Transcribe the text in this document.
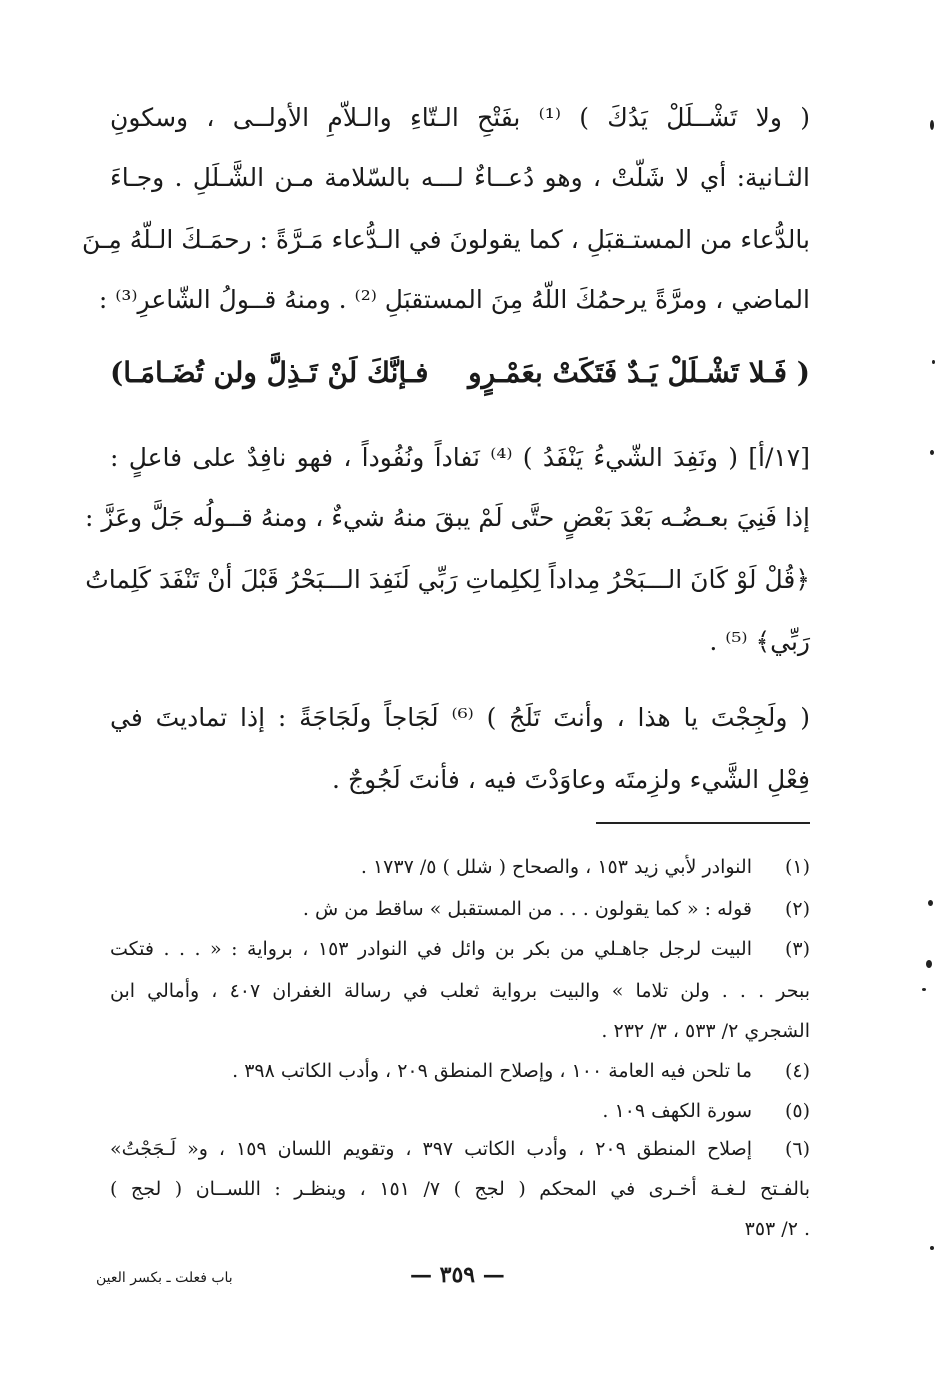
( ولا تَشْــلَلْ يَدُكَ ) ⁽¹⁾ بفَتْحِ الـتّاءِ والـلاّمِ الأولــى ، وسكونِ
الثـانية: أي لا شَلّتْ ، وهو دُعــاءٌ لـــه بالسّلامة مـن الشَّـلَلِ . وجـاءَ
بالدُّعاء من المستـقبَلِ ، كما يقولونَ في الـدُّعاء مَـرَّةً : رحمَـكَ الـلّهُ مِـنَ
الماضي ، ومرَّةً يرحمُكَ اللّهُ مِنَ المستقبَلِ ⁽²⁾ . ومنهُ قــولُ الشّاعرِ⁽³⁾ :
( فَـلا تَشْـلَلْ يَـدٌ فَتَكَتْ بعَمْـرٍو
فـإنَّكَ لَنْ تَـذِلَّ ولن تُضَـامَـا)
[١٧/أ] ( ونَفِدَ الشّيءُ يَنْفَدُ ) ⁽⁴⁾ نَفاداً ونُفُوداً ، فهو نافِدٌ على فاعلٍ :
إذا فَنِيَ بعـضُـه بَعْدَ بَعْضٍ حتَّى لَمْ يبقَ منهُ شيءٌ ، ومنهُ قــولُه جَلَّ وعَزَّ :
﴿قُلْ لَوْ كَانَ الـــبَحْرُ مِداداً لِكلِماتِ رَبِّي لَنَفِدَ الـــبَحْرُ قَبْلَ أنْ تَنْفَدَ كَلِماتُ
رَبِّي﴾ ⁽⁵⁾ .
( ولَجِجْتَ يا هذا ، وأنتَ تَلَجُ ) ⁽⁶⁾ لَجَاجاً ولَجَاجَةً : إذا تماديتَ في
فِعْلِ الشَّيء ولزِمتَه وعاوَدْتَ فيه ، فأنتَ لَجُوجٌ .
(١)
النوادر لأبي زيد ١٥٣ ، والصحاح ( شلل ) ٥/ ١٧٣٧ .
(٢)
قوله : « كما يقولون . . . من المستقبل » ساقط من ش .
(٣)
البيت لرجل جاهـلي من بكر بن وائل في النوادر ١٥٣ ، برواية : « . . . فتكت
ببحر . . . ولن تلاما » والبيت برواية ثعلب في رسالة الغفران ٤٠٧ ، وأمالي ابن
الشجري ٢/ ٥٣٣ ، ٣/ ٢٣٢ .
(٤)
ما تلحن فيه العامة ١٠٠ ، وإصلاح المنطق ٢٠٩ ، وأدب الكاتب ٣٩٨ .
(٥)
سورة الكهف ١٠٩ .
(٦)
إصلاح المنطق ٢٠٩ ، وأدب الكاتب ٣٩٧ ، وتقويم اللسان ١٥٩ ، و« لَـجَجْتُ»
بالفـتح لـغـة أخـرى في المحكم ( لجج ) ٧/ ١٥١ ، وينظـر : اللســان ( لجج )
٢/ ٣٥٣ .
— ٣٥٩ —
باب فعلت ـ بكسر العين
